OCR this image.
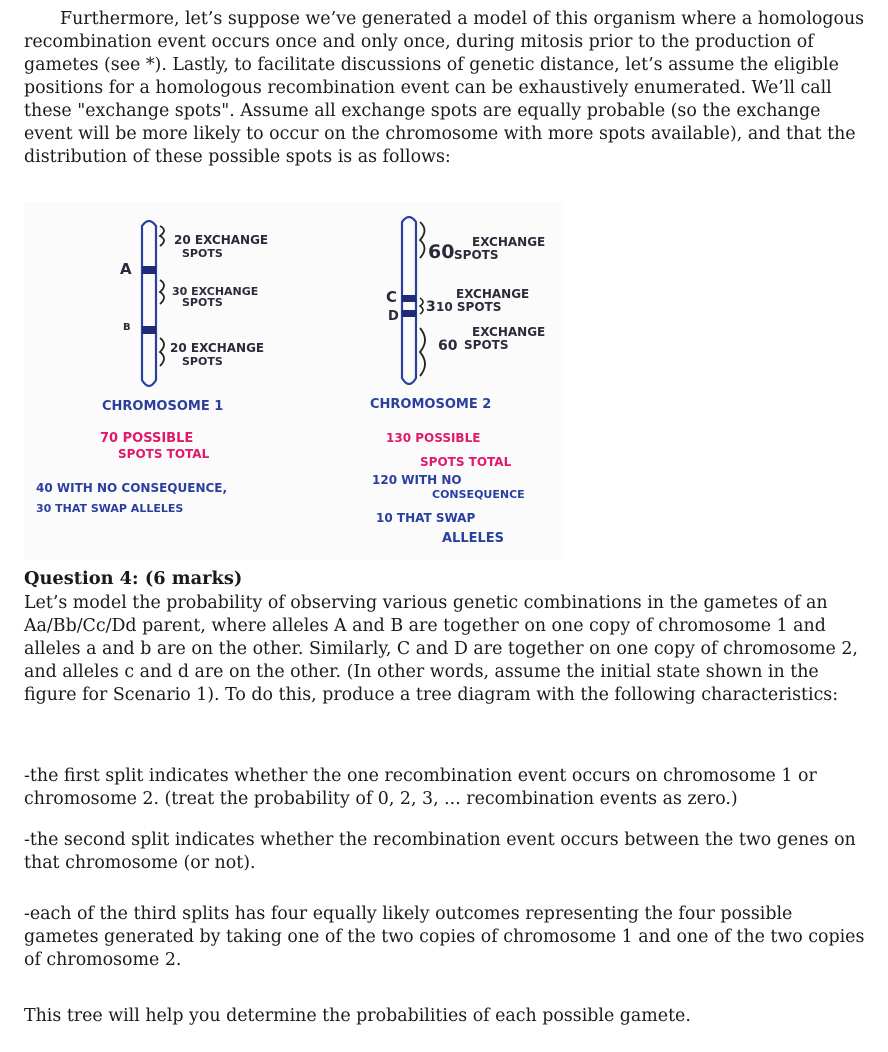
Furthermore, let’s suppose we’ve generated a model of this organism where a homologous recombination event occurs once and only once, during mitosis prior to the production of gametes (see *). Lastly, to facilitate discussions of genetic distance, let’s assume the eligible positions for a homologous recombination event can be exhaustively enumerated. We’ll call these "exchange spots". Assume all exchange spots are equally probable (so the exchange event will be more likely to occur on the chromosome with more spots available), and that the distribution of these possible spots is as follows:

A
B
20 EXCHANGE
SPOTS
30 EXCHANGE
SPOTS
20 EXCHANGE
SPOTS
CHROMOSOME 1
70 POSSIBLE
SPOTS TOTAL
40 WITH NO CONSEQUENCE,
30 THAT SWAP ALLELES
C
D
60 EXCHANGE
SPOTS
EXCHANGE
3 10 SPOTS
EXCHANGE
60 SPOTS
CHROMOSOME 2
130 POSSIBLE
SPOTS TOTAL
120 WITH NO
CONSEQUENCE
10 THAT SWAP
ALLELES

Question 4: (6 marks)

Let’s model the probability of observing various genetic combinations in the gametes of an Aa/Bb/Cc/Dd parent, where alleles A and B are together on one copy of chromosome 1 and alleles a and b are on the other. Similarly, C and D are together on one copy of chromosome 2, and alleles c and d are on the other. (In other words, assume the initial state shown in the figure for Scenario 1). To do this, produce a tree diagram with the following characteristics:

-the first split indicates whether the one recombination event occurs on chromosome 1 or chromosome 2. (treat the probability of 0, 2, 3, ... recombination events as zero.)

-the second split indicates whether the recombination event occurs between the two genes on that chromosome (or not).

-each of the third splits has four equally likely outcomes representing the four possible gametes generated by taking one of the two copies of chromosome 1 and one of the two copies of chromosome 2.

This tree will help you determine the probabilities of each possible gamete.
